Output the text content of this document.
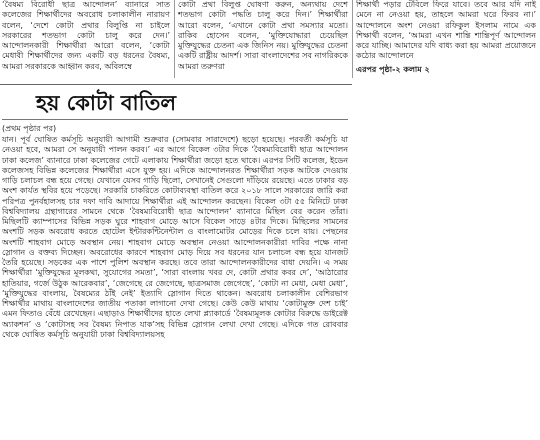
‘বৈষম্য বিরোধী ছাত্র আন্দোলন’ ব্যানারে সাত কলেজের শিক্ষার্থীদের অবরোধ চলাকালীন নারায়ণ বলেন, ‘দেশে কোটা প্রথার বিলুপ্তি না চাইলে সরকারের শতভাগ কোটা চালু করে দেন।’ আন্দোলনকারী শিক্ষার্থীরা আরো বলেন, ‘কোটা মেধাবী শিক্ষার্থীদের জন্য একটি বড় ধরনের বৈষম্য, আমরা সরকারকে আহ্বান করব, অবিলম্বে

কোটা প্রথা বিলুপ্ত ঘোষণা করুন, অন্যথায় দেশে শতভাগ কোটা পদ্ধতি চালু করে দিন।’ শিক্ষার্থীরা আরো বলেন, ‘এখানে কোটা প্রথা সমস্যার মতো। রাকিব হোসেন বলেন, ‘মুক্তিযোদ্ধারা চেয়েছিল মুক্তিযুদ্ধের চেতনা এক জিনিস নয়। মুক্তিযুদ্ধের চেতনা একটি রাষ্ট্রীয় আদর্শ। সারা বাংলাদেশের সব নাগরিককে আমরা তরুণরা

শিক্ষার্থী পড়ার টেবিলে ফিরে যাবে। তবে আর যদি নাই মেনে না নেওয়া হয়, তাহলে আমরা ঘরে ফিরব না।’ আন্দোলনে অংশ নেওয়া রফিকুল ইসলাম নামে এক শিক্ষার্থী বলেন, ‘আমরা এখন শান্তি শান্তিপূর্ণ আন্দোলন করে যাচ্ছি। আমাদের যদি বাধ্য করা হয় আমরা প্রয়োজনে কঠোর আন্দোলনে

এরপর পৃষ্ঠা-২ কলাম ২

হয় কোটা বাতিল
(প্রথম পৃষ্ঠার পর)

যান। পূর্ব ঘোষিত কর্মসূচি অনুযায়ী আগামী শুক্রবার (সোমবার সারাদেশে) ছড়ো হয়েছে। পরবর্তী কর্মসূচি যা নেওয়া হবে, আমরা সে অনুযায়ী পালন করব।’ এর আগে বিকেল ৩টার দিকে ‘বৈষম্যবিরোধী ছাত্র আন্দোলন ঢাকা কলেজ’ ব্যানারে ঢাকা কলেজের গেটে এলাকায় শিক্ষার্থীরা জড়ো হতে থাকে। এরপর সিটি কলেজ, ইডেন কলেজসহ বিভিন্ন কলেজের শিক্ষার্থীরা এসে যুক্ত হয়। এদিকে আন্দোলনরত শিক্ষার্থীরা সড়ক আটকে দেওয়ায় গাড়ি চলাচল বন্ধ হয়ে গেছে। যেখানে যেসব গাড়ি ছিলো, সেখানেই সেগুলো দাঁড়িয়ে রয়েছে। এতে ঢাকার বড় অংশ কার্যত স্থবির হয়ে পড়েছে। সরকারি চাকরিতে কোটাব্যবস্থা বাতিল করে ২০১৮ সালে সরকারের জারি করা পরিপত্র পুনর্বহালসহ চার দফা দাবি আদায়ে শিক্ষার্থীরা এই আন্দোলন করছেন। বিকেল ৩টা ৫৫ মিনিটে ঢাকা বিশ্ববিদ্যালয় গ্রন্থাগারের সামনে থেকে ‘বৈষম্যবিরোধী ছাত্র আন্দোলন’ ব্যানারে মিছিল বের করেন তাঁরা। মিছিলটি ক্যাম্পাসের বিভিন্ন সড়ক ঘুরে শাহবাগ মোড়ে আসে বিকেল সাড়ে ৪টার দিকে। মিছিলের সামনের অংশটি সড়ক অবরোধ করতে হোটেল ইন্টারকন্টিনেন্টাল ও বাংলামোটর মোড়ের দিকে চলে যায়। পেছনের অংশটি শাহবাগ মোড়ে অবস্থান নেয়। শাহবাগ মোড়ে অবস্থান নেওয়া আন্দোলনকারীরা দাবির পক্ষে নানা স্লোগান ও বক্তব্য দিচ্ছেন। অবরোধের কারণে শাহবাগ মোড় দিয়ে সব ধরনের যান চলাচল বন্ধ হয়ে যানজট তৈরি হয়েছে। সড়কের এক পাশে পুলিশ অবস্থান করছে। তবে তারা আন্দোলনকারীদের বাধা দেয়নি। এ সময় শিক্ষার্থীরা ‘মুক্তিযুদ্ধের মূলকথা, সুযোগের সমতা’, ‘সারা বাংলায় খবর দে, কোটা প্রথার কবর দে’, ‘আঠারোর হাতিয়ার, গর্জে উঠুক আরেকবার’, ‘জেগেছে রে জেগেছে, ছাত্রসমাজ জেগেছে’, ‘কোটা না মেধা, মেধা মেধা’, ‘মুক্তিযুদ্ধের বাংলায়, বৈষম্যের ঠাঁই নেই’ ইত্যাদি স্লোগান দিতে থাকেন। অবরোধ চলাকালীন বেশিরভাগ শিক্ষার্থীর মাথায় বাংলাদেশের জাতীয় পতাকা লাগানো দেখা গেছে। কেউ কেউ মাথায় ‘কোটামুক্ত দেশ চাই’ এমন ফিতাও বেঁধে রেখেছেন। এছাড়াও শিক্ষার্থীদের হাতে লেখা প্ল্যাকার্ডে ‘বৈষম্যমূলক কোটার বিরুদ্ধে ডাইরেক্ট অ্যাকশন’ ও ‘কোটাসহ সব বৈষম্য নিপাত যাক’সহ বিভিন্ন স্লোগান লেখা দেখা গেছে। এদিকে গত রোববার থেকে ঘোষিত কর্মসূচি অনুযায়ী ঢাকা বিশ্ববিদ্যালয়সহ
